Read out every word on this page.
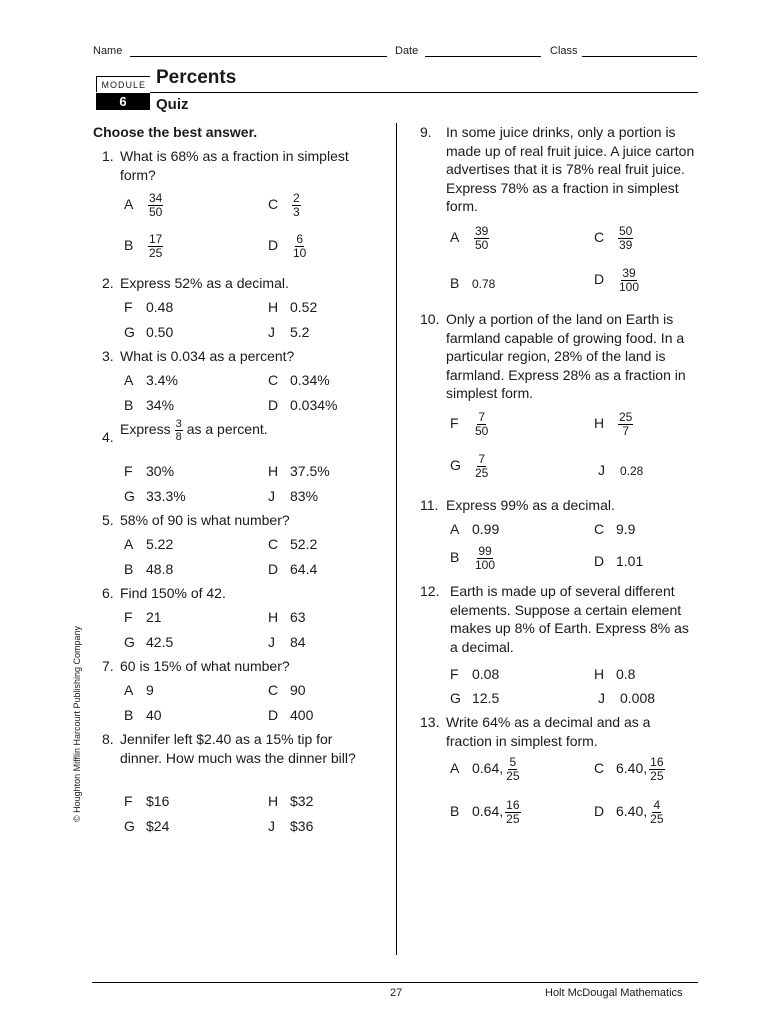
Name	Date	Class
MODULE
6
Percents
Quiz
Choose the best answer.
© Houghton Mifflin Harcourt Publishing Company
1. What is 68% as a fraction in simplest form?
A $\frac{34}{50}$	C $\frac{2}{3}$
B $\frac{17}{25}$	D $\frac{6}{10}$
2. Express 52% as a decimal.
F 0.48	H 0.52
G 0.50	J 5.2
3. What is 0.034 as a percent?
A 3.4%	C 0.34%
B 34%	D 0.034%
4. Express $\frac{3}{8}$ as a percent.
F 30%	H 37.5%
G 33.3%	J 83%
5. 58% of 90 is what number?
A 5.22	C 52.2
B 48.8	D 64.4
6. Find 150% of 42.
F 21	H 63
G 42.5	J 84
7. 60 is 15% of what number?
A 9	C 90
B 40	D 400
8. Jennifer left $2.40 as a 15% tip for dinner. How much was the dinner bill?
F $16	H $32
G $24	J $36
9. In some juice drinks, only a portion is made up of real fruit juice. A juice carton advertises that it is 78% real fruit juice. Express 78% as a fraction in simplest form.
A $\frac{39}{50}$	C $\frac{50}{39}$
B 0.78	D $\frac{39}{100}$
10. Only a portion of the land on Earth is farmland capable of growing food. In a particular region, 28% of the land is farmland. Express 28% as a fraction in simplest form.
F $\frac{7}{50}$	H $\frac{25}{7}$
G $\frac{7}{25}$	J 0.28
11. Express 99% as a decimal.
A 0.99	C 9.9
B $\frac{99}{100}$	D 1.01
12. Earth is made up of several different elements. Suppose a certain element makes up 8% of Earth. Express 8% as a decimal.
F 0.08	H 0.8
G 12.5	J 0.008
13. Write 64% as a decimal and as a fraction in simplest form.
A 0.64, $\frac{5}{25}$	C 6.40, $\frac{16}{25}$
B 0.64, $\frac{16}{25}$	D 6.40, $\frac{4}{25}$
27	Holt McDougal Mathematics
